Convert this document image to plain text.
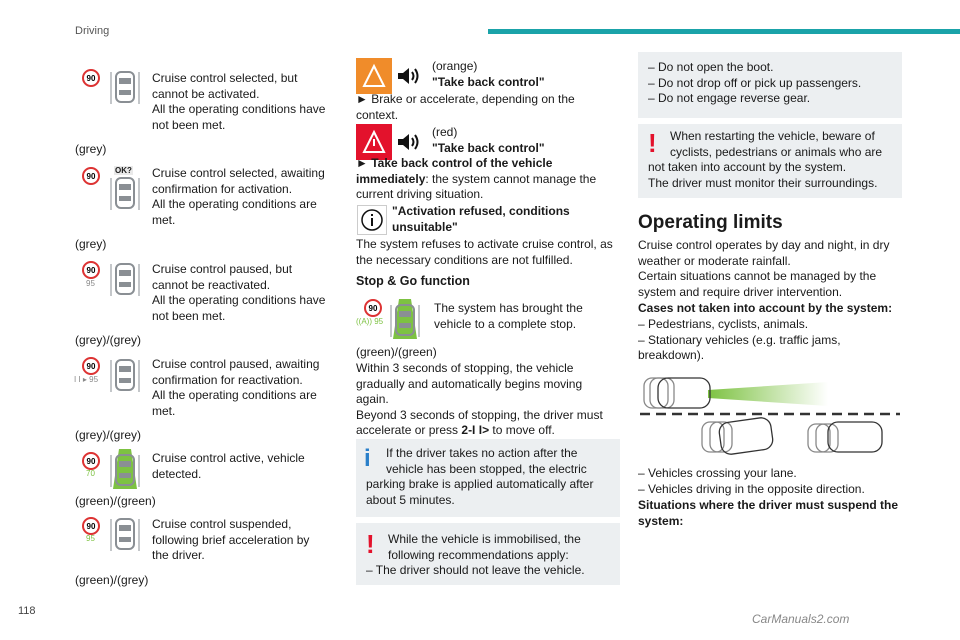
Driving
90	Cruise control selected, but
cannot be activated.
All the operating conditions have
not been met.
(grey)
90
OK? Cruise control selected, awaiting
confirmation for activation.
All the operating conditions are
met.
(grey)
90
95
Cruise control paused, but
cannot be reactivated.
All the operating conditions have
not been met.
(grey)/(grey)
90
I I ▸ 95
Cruise control paused, awaiting
confirmation for reactivation.
All the operating conditions are
met.
(grey)/(grey)
90
70
Cruise control active, vehicle
detected.
(green)/(green)
90
95
Cruise control suspended,
following brief acceleration by
the driver.
(green)/(grey)
(orange)
"Take back control"
► Brake or accelerate, depending on the
context.
(red)
"Take back control"
► Take back control of the vehicle
immediately: the system cannot manage the
current driving situation.
"Activation refused, conditions
unsuitable"
The system refuses to activate cruise control, as
the necessary conditions are not fulfilled.
Stop & Go function
90
((A)) 95
The system has brought the
vehicle to a complete stop.
(green)/(green)
Within 3 seconds of stopping, the vehicle
gradually and automatically begins moving
again.
Beyond 3 seconds of stopping, the driver must
accelerate or press 2-I I> to move off.
i	If the driver takes no action after the
vehicle has been stopped, the electric
parking brake is applied automatically after
about 5 minutes.
!	While the vehicle is immobilised, the
following recommendations apply:
– The driver should not leave the vehicle.
– Do not open the boot.
– Do not drop off or pick up passengers.
– Do not engage reverse gear.
!	When restarting the vehicle, beware of
cyclists, pedestrians or animals who are
not taken into account by the system.
The driver must monitor their surroundings.
Operating limits
Cruise control operates by day and night, in dry
weather or moderate rainfall.
Certain situations cannot be managed by the
system and require driver intervention.
Cases not taken into account by the system:
– Pedestrians, cyclists, animals.
– Stationary vehicles (e.g. traffic jams,
breakdown).
– Vehicles crossing your lane.
– Vehicles driving in the opposite direction.
Situations where the driver must suspend the
system:
118
CarManuals2.com
